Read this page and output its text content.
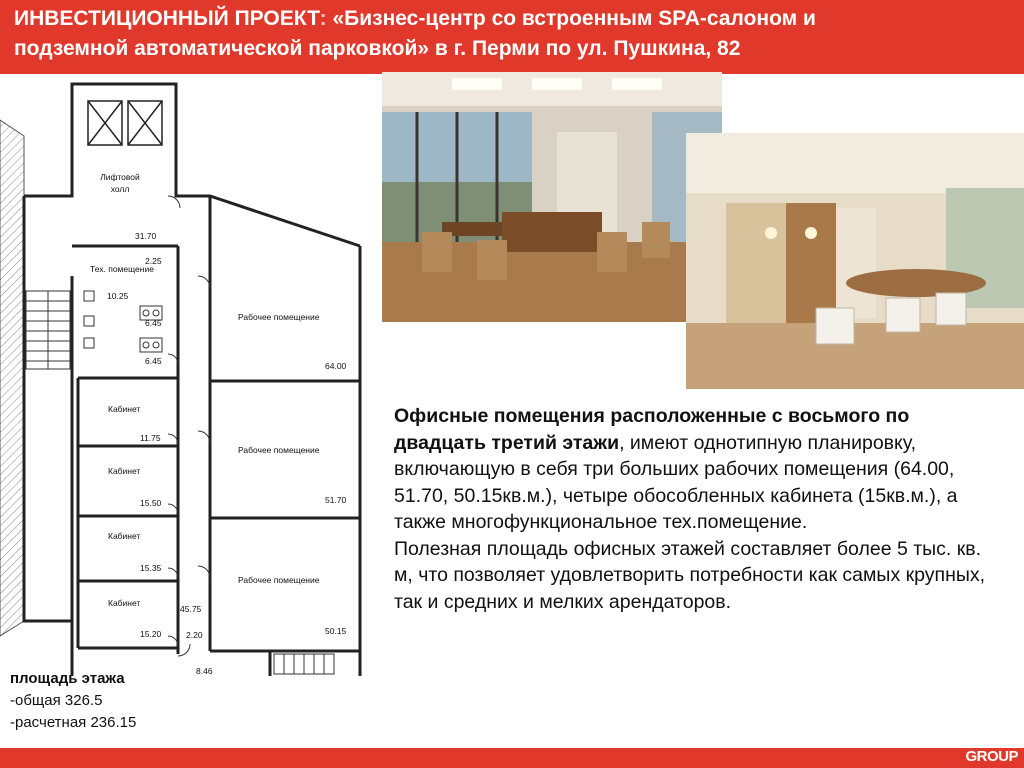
ИНВЕСТИЦИОННЫЙ ПРОЕКТ: «Бизнес-центр со встроенным SPA-салоном и
подземной автоматической парковкой» в г. Перми по ул. Пушкина, 82
Лифтовой
холл
31.70
Тех. помещение
10.25
2.25
6.45
6.45
Рабочее помещение
64.00
Рабочее помещение
51.70
Рабочее помещение
50.15
Кабинет
11.75
Кабинет
15.50
Кабинет
15.35
Кабинет
15.20
45.75
2.20
8.46

Офисные помещения расположенные с восьмого по двадцать третий этажи, имеют однотипную планировку, включающую в себя три больших рабочих помещения (64.00, 51.70, 50.15кв.м.), четыре обособленных кабинета (15кв.м.), а также многофункциональное тех.помещение.

Полезная площадь офисных этажей составляет более 5 тыс. кв. м, что позволяет удовлетворить потребности как самых крупных, так и средних и мелких арендаторов.

площадь этажа
-общая 326.5
-расчетная 236.15
KD
GROUP
